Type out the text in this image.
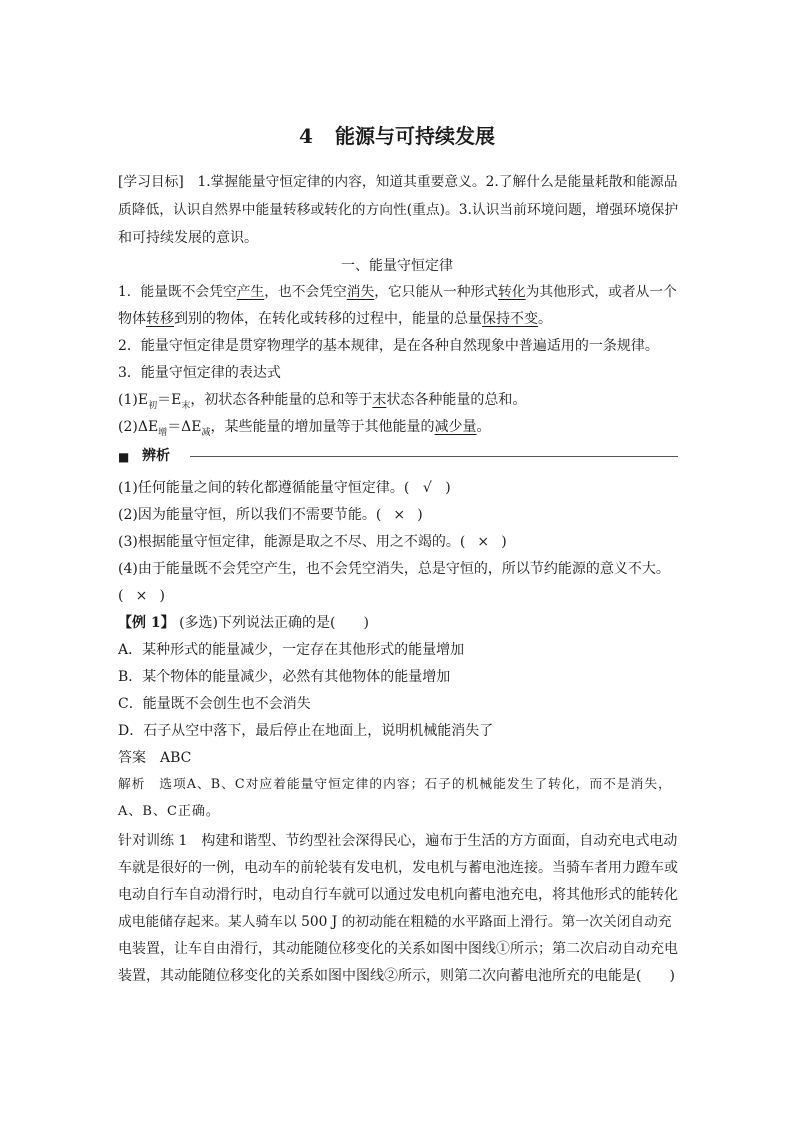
4 能源与可持续发展
[学习目标]　1.掌握能量守恒定律的内容，知道其重要意义。2.了解什么是能量耗散和能源品
质降低，认识自然界中能量转移或转化的方向性(重点)。3.认识当前环境问题，增强环境保护
和可持续发展的意识。
一、能量守恒定律
1．能量既不会凭空产生，也不会凭空消失，它只能从一种形式转化为其他形式，或者从一个
物体转移到别的物体，在转化或转移的过程中，能量的总量保持不变。
2．能量守恒定律是贯穿物理学的基本规律，是在各种自然现象中普遍适用的一条规律。
3．能量守恒定律的表达式
$(1)E_初=E_末$，初状态各种能量的总和等于末状态各种能量的总和。
$(2)\Delta E_增=\Delta E_减$，某些能量的增加量等于其他能量的减少量。
■ 辨析
(1)任何能量之间的转化都遵循能量守恒定律。( √ )
(2)因为能量守恒，所以我们不需要节能。( × )
(3)根据能量守恒定律，能源是取之不尽、用之不竭的。( × )
(4)由于能量既不会凭空产生，也不会凭空消失，总是守恒的，所以节约能源的意义不大。
( × )
【例 1】 (多选)下列说法正确的是(　　)
A．某种形式的能量减少，一定存在其他形式的能量增加
B．某个物体的能量减少，必然有其他物体的能量增加
C．能量既不会创生也不会消失
D．石子从空中落下，最后停止在地面上，说明机械能消失了
答案　ABC
解析　选项A、B、C对应着能量守恒定律的内容；石子的机械能发生了转化，而不是消失，
A、B、C正确。
针对训练 1　构建和谐型、节约型社会深得民心，遍布于生活的方方面面，自动充电式电动
车就是很好的一例，电动车的前轮装有发电机，发电机与蓄电池连接。当骑车者用力蹬车或
电动自行车自动滑行时，电动自行车就可以通过发电机向蓄电池充电，将其他形式的能转化
成电能储存起来。某人骑车以 500 J 的初动能在粗糙的水平路面上滑行。第一次关闭自动充
电装置，让车自由滑行，其动能随位移变化的关系如图中图线①所示；第二次启动自动充电
装置，其动能随位移变化的关系如图中图线②所示，则第二次向蓄电池所充的电能是(　　)
